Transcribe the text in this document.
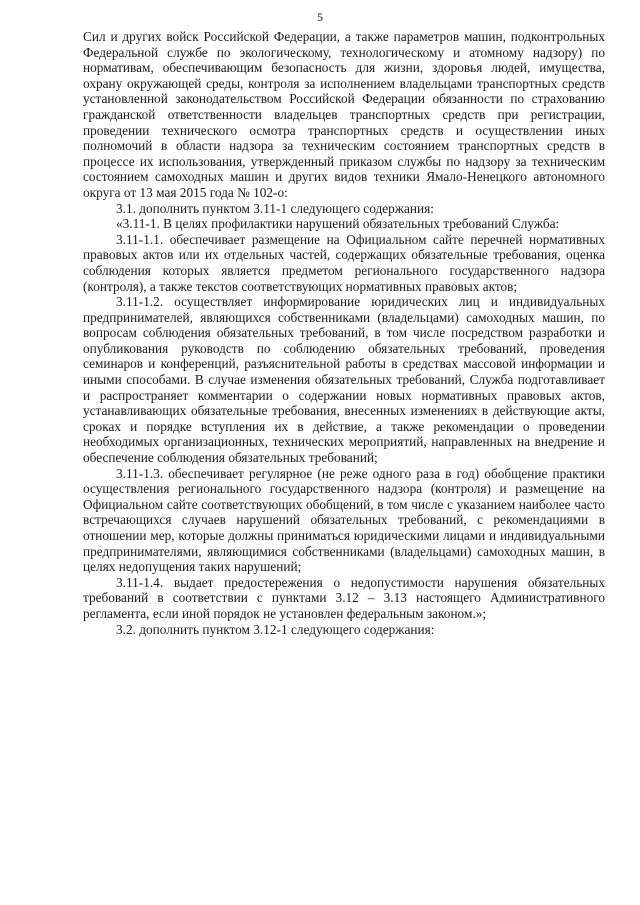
5

Сил и других войск Российской Федерации, а также параметров машин, подконтрольных Федеральной службе по экологическому, технологическому и атомному надзору) по нормативам, обеспечивающим безопасность для жизни, здоровья людей, имущества, охрану окружающей среды, контроля за исполнением владельцами транспортных средств установленной законодательством Российской Федерации обязанности по страхованию гражданской ответственности владельцев транспортных средств при регистрации, проведении технического осмотра транспортных средств и осуществлении иных полномочий в области надзора за техническим состоянием транспортных средств в процессе их использования, утвержденный приказом службы по надзору за техническим состоянием самоходных машин и других видов техники Ямало-Ненецкого автономного округа от 13 мая 2015 года № 102-о:

3.1. дополнить пунктом 3.11-1 следующего содержания:

«3.11-1. В целях профилактики нарушений обязательных требований Служба:

3.11-1.1. обеспечивает размещение на Официальном сайте перечней нормативных правовых актов или их отдельных частей, содержащих обязательные требования, оценка соблюдения которых является предметом регионального государственного надзора (контроля), а также текстов соответствующих нормативных правовых актов;

3.11-1.2. осуществляет информирование юридических лиц и индивидуальных предпринимателей, являющихся собственниками (владельцами) самоходных машин, по вопросам соблюдения обязательных требований, в том числе посредством разработки и опубликования руководств по соблюдению обязательных требований, проведения семинаров и конференций, разъяснительной работы в средствах массовой информации и иными способами. В случае изменения обязательных требований, Служба подготавливает и распространяет комментарии о содержании новых нормативных правовых актов, устанавливающих обязательные требования, внесенных изменениях в действующие акты, сроках и порядке вступления их в действие, а также рекомендации о проведении необходимых организационных, технических мероприятий, направленных на внедрение и обеспечение соблюдения обязательных требований;

3.11-1.3. обеспечивает регулярное (не реже одного раза в год) обобщение практики осуществления регионального государственного надзора (контроля) и размещение на Официальном сайте соответствующих обобщений, в том числе с указанием наиболее часто встречающихся случаев нарушений обязательных требований, с рекомендациями в отношении мер, которые должны приниматься юридическими лицами и индивидуальными предпринимателями, являющимися собственниками (владельцами) самоходных машин, в целях недопущения таких нарушений;

3.11-1.4. выдает предостережения о недопустимости нарушения обязательных требований в соответствии с пунктами 3.12 – 3.13 настоящего Административного регламента, если иной порядок не установлен федеральным законом.»;

3.2. дополнить пунктом 3.12-1 следующего содержания:
